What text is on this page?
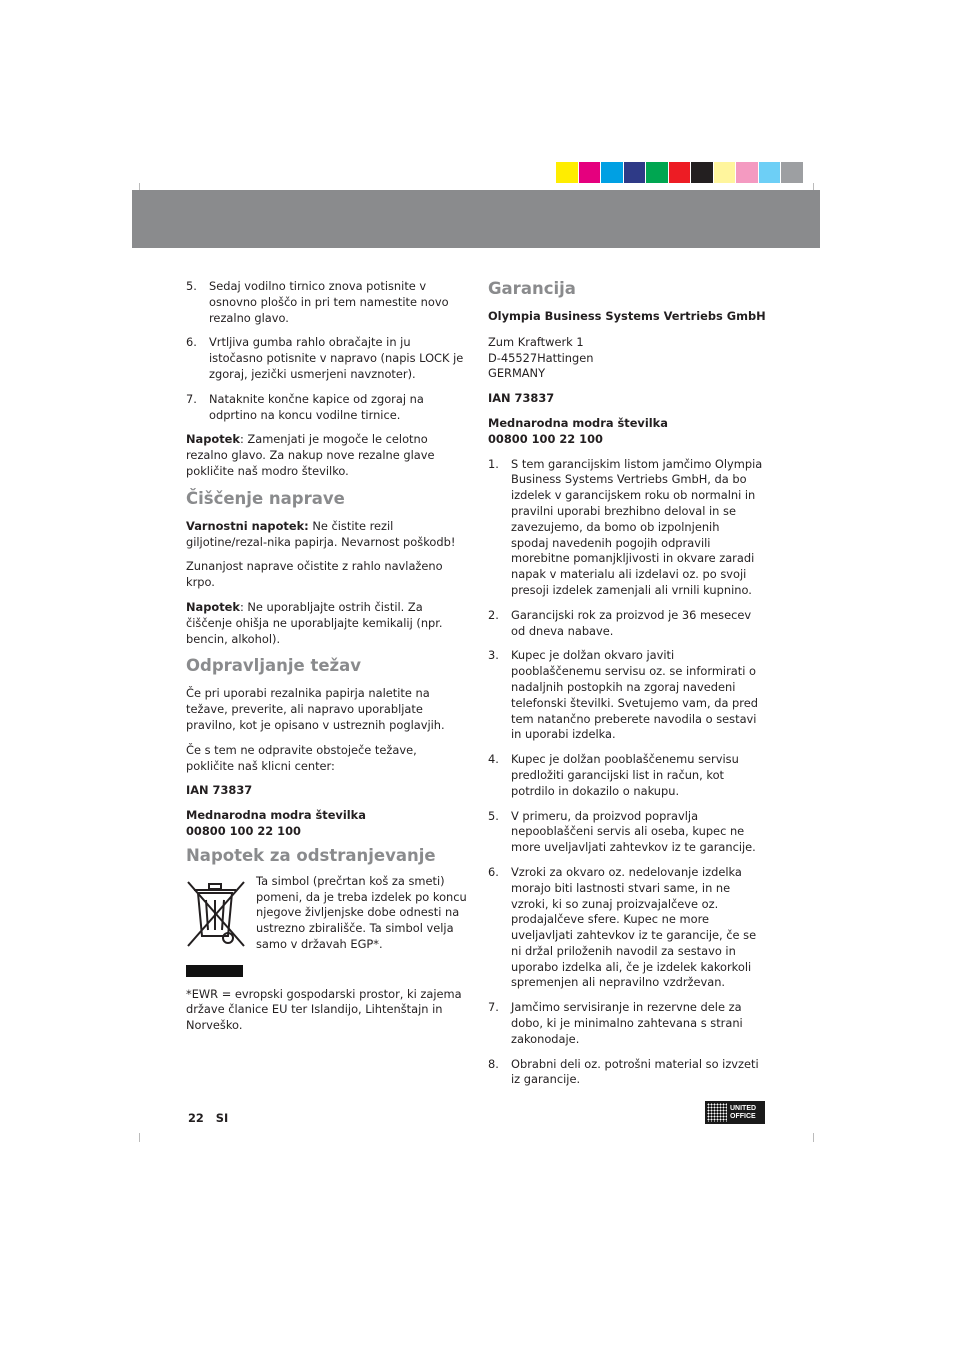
5. Sedaj vodilno tirnico znova potisnite v osnovno ploščo in pri tem namestite novo rezalno glavo.
6. Vrtljiva gumba rahlo obračajte in ju istočasno potisnite v napravo (napis LOCK je zgoraj, jezički usmerjeni navznoter).
7. Nataknite končne kapice od zgoraj na odprtino na koncu vodilne tirnice.

Napotek: Zamenjati je mogoče le celotno rezalno glavo. Za nakup nove rezalne glave pokličite naš modro številko.

Čiščenje naprave

Varnostni napotek: Ne čistite rezil giljotine/rezal-nika papirja. Nevarnost poškodb!

Zunanjost naprave očistite z rahlo navlaženo krpo.

Napotek: Ne uporabljajte ostrih čistil. Za čiščenje ohišja ne uporabljajte kemikalij (npr. bencin, alkohol).

Odpravljanje težav

Če pri uporabi rezalnika papirja naletite na težave, preverite, ali napravo uporabljate pravilno, kot je opisano v ustreznih poglavjih.

Če s tem ne odpravite obstoječe težave, pokličite naš klicni center:

IAN 73837

Mednarodna modra številka
00800 100 22 100

Napotek za odstranjevanje
Ta simbol (prečrtan koš za smeti) pomeni, da je treba izdelek po koncu njegove življenjske dobe odnesti na ustrezno zbirališče. Ta simbol velja samo v državah EGP*.

*EWR = evropski gospodarski prostor, ki zajema države članice EU ter Islandijo, Lihtenštajn in Norveško.

Garancija

Olympia Business Systems Vertriebs GmbH

Zum Kraftwerk 1
D-45527Hattingen
GERMANY

IAN 73837

Mednarodna modra številka
00800 100 22 100

1. S tem garancijskim listom jamčimo Olympia Business Systems Vertriebs GmbH, da bo izdelek v garancijskem roku ob normalni in pravilni uporabi brezhibno deloval in se zavezujemo, da bomo ob izpolnjenih
spodaj navedenih pogojih odpravili morebitne pomanjkljivosti in okvare zaradi napak v materialu ali izdelavi oz. po svoji presoji izdelek zamenjali ali vrnili kupnino.
2. Garancijski rok za proizvod je 36 mesecev od dneva nabave.
3. Kupec je dolžan okvaro javiti pooblaščenemu servisu oz. se informirati o nadaljnih postopkih na zgoraj navedeni telefonski številki. Svetujemo vam, da pred tem natančno preberete navodila o sestavi in uporabi izdelka.
4. Kupec je dolžan pooblaščenemu servisu predložiti garancijski list in račun, kot potrdilo in dokazilo o nakupu.
5. V primeru, da proizvod popravlja nepooblaščeni servis ali oseba, kupec ne more uveljavljati zahtevkov iz te garancije.
6. Vzroki za okvaro oz. nedelovanje izdelka morajo biti lastnosti stvari same, in ne vzroki, ki so zunaj proizvajalčeve oz. prodajalčeve sfere. Kupec ne more uveljavljati zahtevkov iz te garancije, če se ni držal priloženih navodil za sestavo in uporabo izdelka ali, če je izdelek kakorkoli spremenjen ali nepravilno vzdrževan.
7. Jamčimo servisiranje in rezervne dele za dobo, ki je minimalno zahtevana s strani zakonodaje.
8. Obrabni deli oz. potrošni material so izvzeti iz garancije.
22   SI
UNITED
OFFICE
